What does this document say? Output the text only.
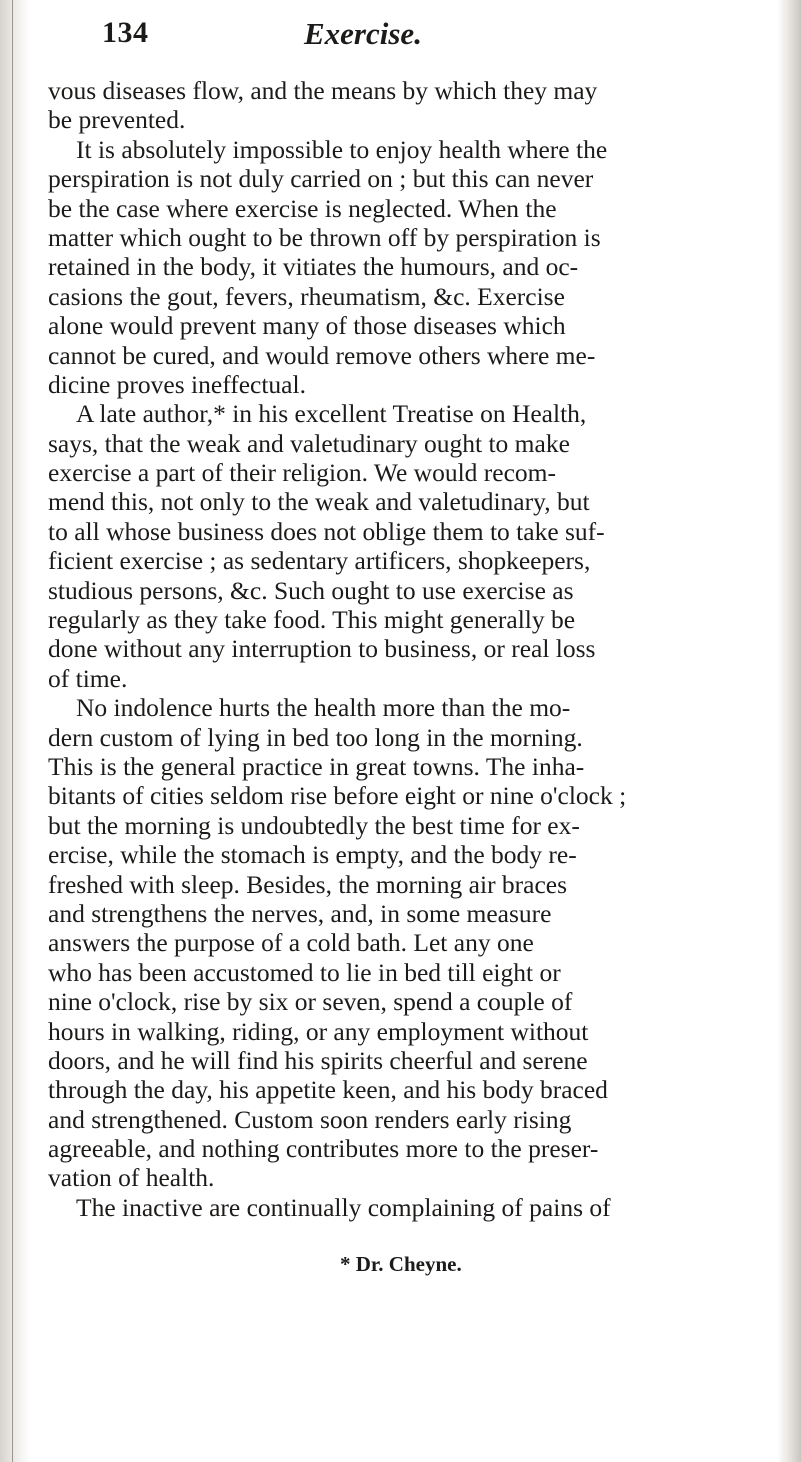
134	Exercise.
vous diseases flow, and the means by which they may
be prevented.
It is absolutely impossible to enjoy health where the
perspiration is not duly carried on ; but this can never
be the case where exercise is neglected. When the
matter which ought to be thrown off by perspiration is
retained in the body, it vitiates the humours, and oc-
casions the gout, fevers, rheumatism, &c. Exercise
alone would prevent many of those diseases which
cannot be cured, and would remove others where me-
dicine proves ineffectual.
A late author,* in his excellent Treatise on Health,
says, that the weak and valetudinary ought to make
exercise a part of their religion. We would recom-
mend this, not only to the weak and valetudinary, but
to all whose business does not oblige them to take suf-
ficient exercise ; as sedentary artificers, shopkeepers,
studious persons, &c. Such ought to use exercise as
regularly as they take food. This might generally be
done without any interruption to business, or real loss
of time.
No indolence hurts the health more than the mo-
dern custom of lying in bed too long in the morning.
This is the general practice in great towns. The inha-
bitants of cities seldom rise before eight or nine o'clock ;
but the morning is undoubtedly the best time for ex-
ercise, while the stomach is empty, and the body re-
freshed with sleep. Besides, the morning air braces
and strengthens the nerves, and, in some measure
answers the purpose of a cold bath. Let any one
who has been accustomed to lie in bed till eight or
nine o'clock, rise by six or seven, spend a couple of
hours in walking, riding, or any employment without
doors, and he will find his spirits cheerful and serene
through the day, his appetite keen, and his body braced
and strengthened. Custom soon renders early rising
agreeable, and nothing contributes more to the preser-
vation of health.
The inactive are continually complaining of pains of
* Dr. Cheyne.
